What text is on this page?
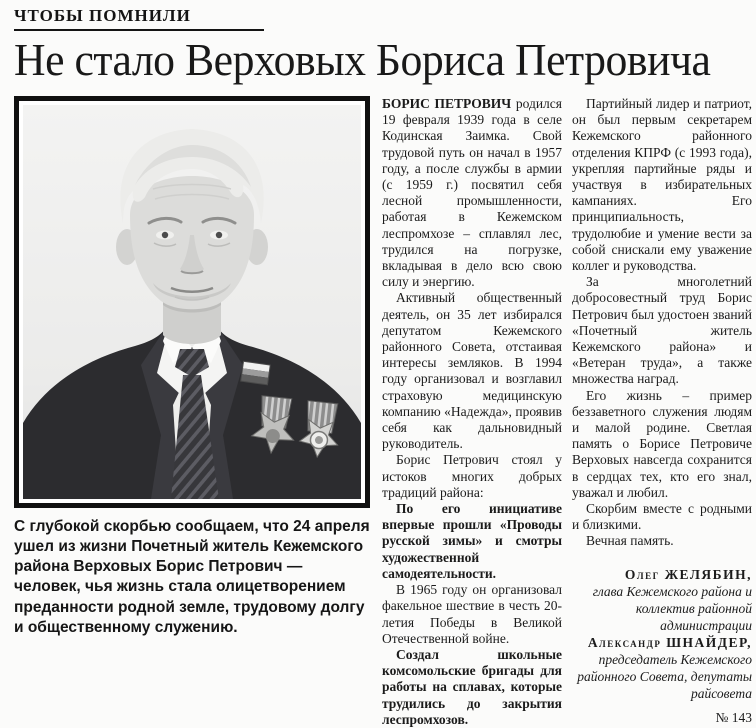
ЧТОБЫ ПОМНИЛИ
Не стало Верховых Бориса Петровича
С глубокой скорбью сообщаем, что 24 апреля ушел из жизни Почетный житель Кежемского района Верховых Борис Петрович — человек, чья жизнь стала олицетворением преданности родной земле, трудовому долгу и общественному служению.

БОРИС ПЕТРОВИЧ родился 19 февраля 1939 года в селе Кодинская Заимка. Свой трудовой путь он начал в 1957 году, а после службы в армии (с 1959 г.) посвятил себя лесной промышленности, работая в Кежемском леспромхозе – сплавлял лес, трудился на погрузке, вкладывая в дело всю свою силу и энергию.

Активный общественный деятель, он 35 лет избирался депутатом Кежемского районного Совета, отстаивая интересы земляков. В 1994 году организовал и возглавил страховую медицинскую компанию «Надежда», проявив себя как дальновидный руководитель.

Борис Петрович стоял у истоков многих добрых традиций района:

По его инициативе впервые прошли «Проводы русской зимы» и смотры художественной самодеятельности.

В 1965 году он организовал факельное шествие в честь 20-летия Победы в Великой Отечественной войне.

Создал школьные комсомольские бригады для работы на сплавах, которые трудились до закрытия леспромхозов.

Партийный лидер и патриот, он был первым секретарем Кежемского районного отделения КПРФ (с 1993 года), укрепляя партийные ряды и участвуя в избирательных кампаниях. Его принципиальность, трудолюбие и умение вести за собой снискали ему уважение коллег и руководства.

За многолетний добросовестный труд Борис Петрович был удостоен званий «Почетный житель Кежемского района» и «Ветеран труда», а также множества наград.

Его жизнь – пример беззаветного служения людям и малой родине. Светлая память о Борисе Петровиче Верховых навсегда сохранится в сердцах тех, кто его знал, уважал и любил.

Скорбим вместе с родными и близкими.

Вечная память.

Олег ЖЕЛЯБИН,
глава Кежемского района и коллектив районной администрации
Александр ШНАЙДЕР,
председатель Кежемского районного Совета, депутаты райсовета
№ 143
